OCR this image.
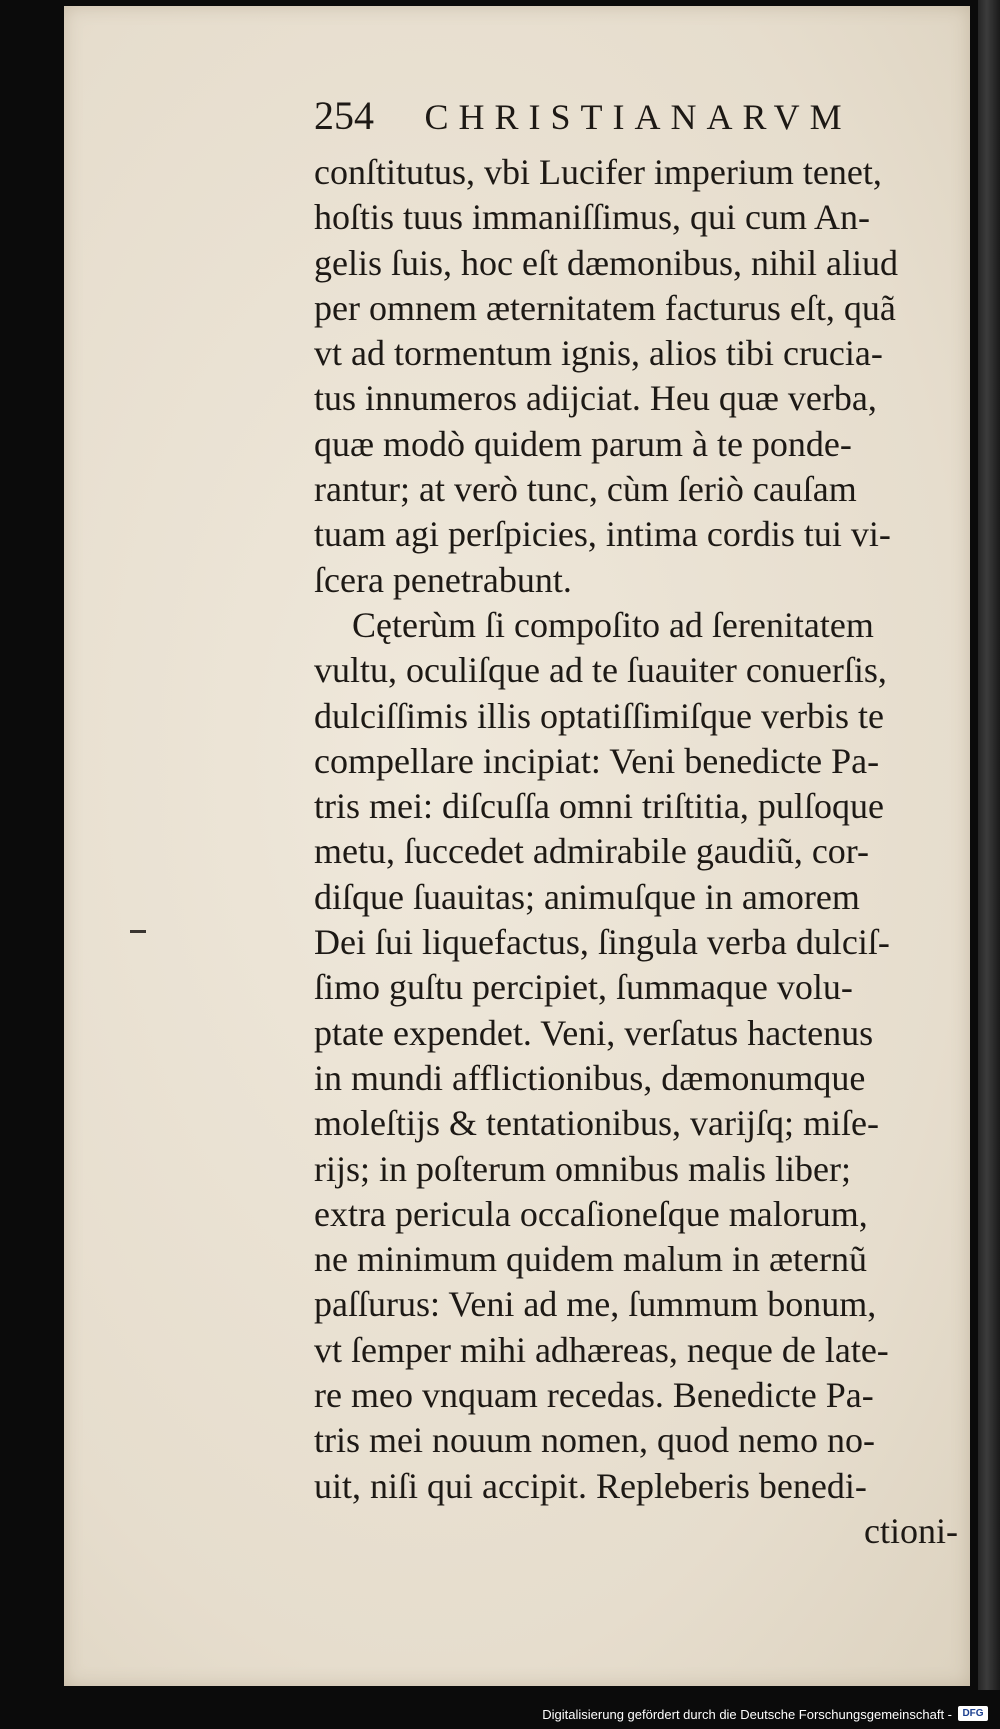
254 CHRISTIANARVM
conſtitutus, vbi Lucifer imperium tenet,
hoſtis tuus immaniſſimus, qui cum An-
gelis ſuis, hoc eſt dæmonibus, nihil aliud
per omnem æternitatem facturus eſt, quã
vt ad tormentum ignis, alios tibi crucia-
tus innumeros adijciat. Heu quæ verba,
quæ modò quidem parum à te ponde-
rantur; at verò tunc, cùm ſeriò cauſam
tuam agi perſpicies, intima cordis tui vi-
ſcera penetrabunt.
Cęterùm ſi compoſito ad ſerenitatem
vultu, oculiſque ad te ſuauiter conuerſis,
dulciſſimis illis optatiſſimiſque verbis te
compellare incipiat: Veni benedicte Pa-
tris mei: diſcuſſa omni triſtitia, pulſoque
metu, ſuccedet admirabile gaudiũ, cor-
diſque ſuauitas; animuſque in amorem
Dei ſui liquefactus, ſingula verba dulciſ-
ſimo guſtu percipiet, ſummaque volu-
ptate expendet. Veni, verſatus hactenus
in mundi afflictionibus, dæmonumque
moleſtijs & tentationibus, varijſq; miſe-
rijs; in poſterum omnibus malis liber;
extra pericula occaſioneſque malorum,
ne minimum quidem malum in æternũ
paſſurus: Veni ad me, ſummum bonum,
vt ſemper mihi adhæreas, neque de late-
re meo vnquam recedas. Benedicte Pa-
tris mei nouum nomen, quod nemo no-
uit, niſi qui accipit. Repleberis benedi-
ctioni-
Digitalisierung gefördert durch die Deutsche Forschungsgemeinschaft -	DFG
